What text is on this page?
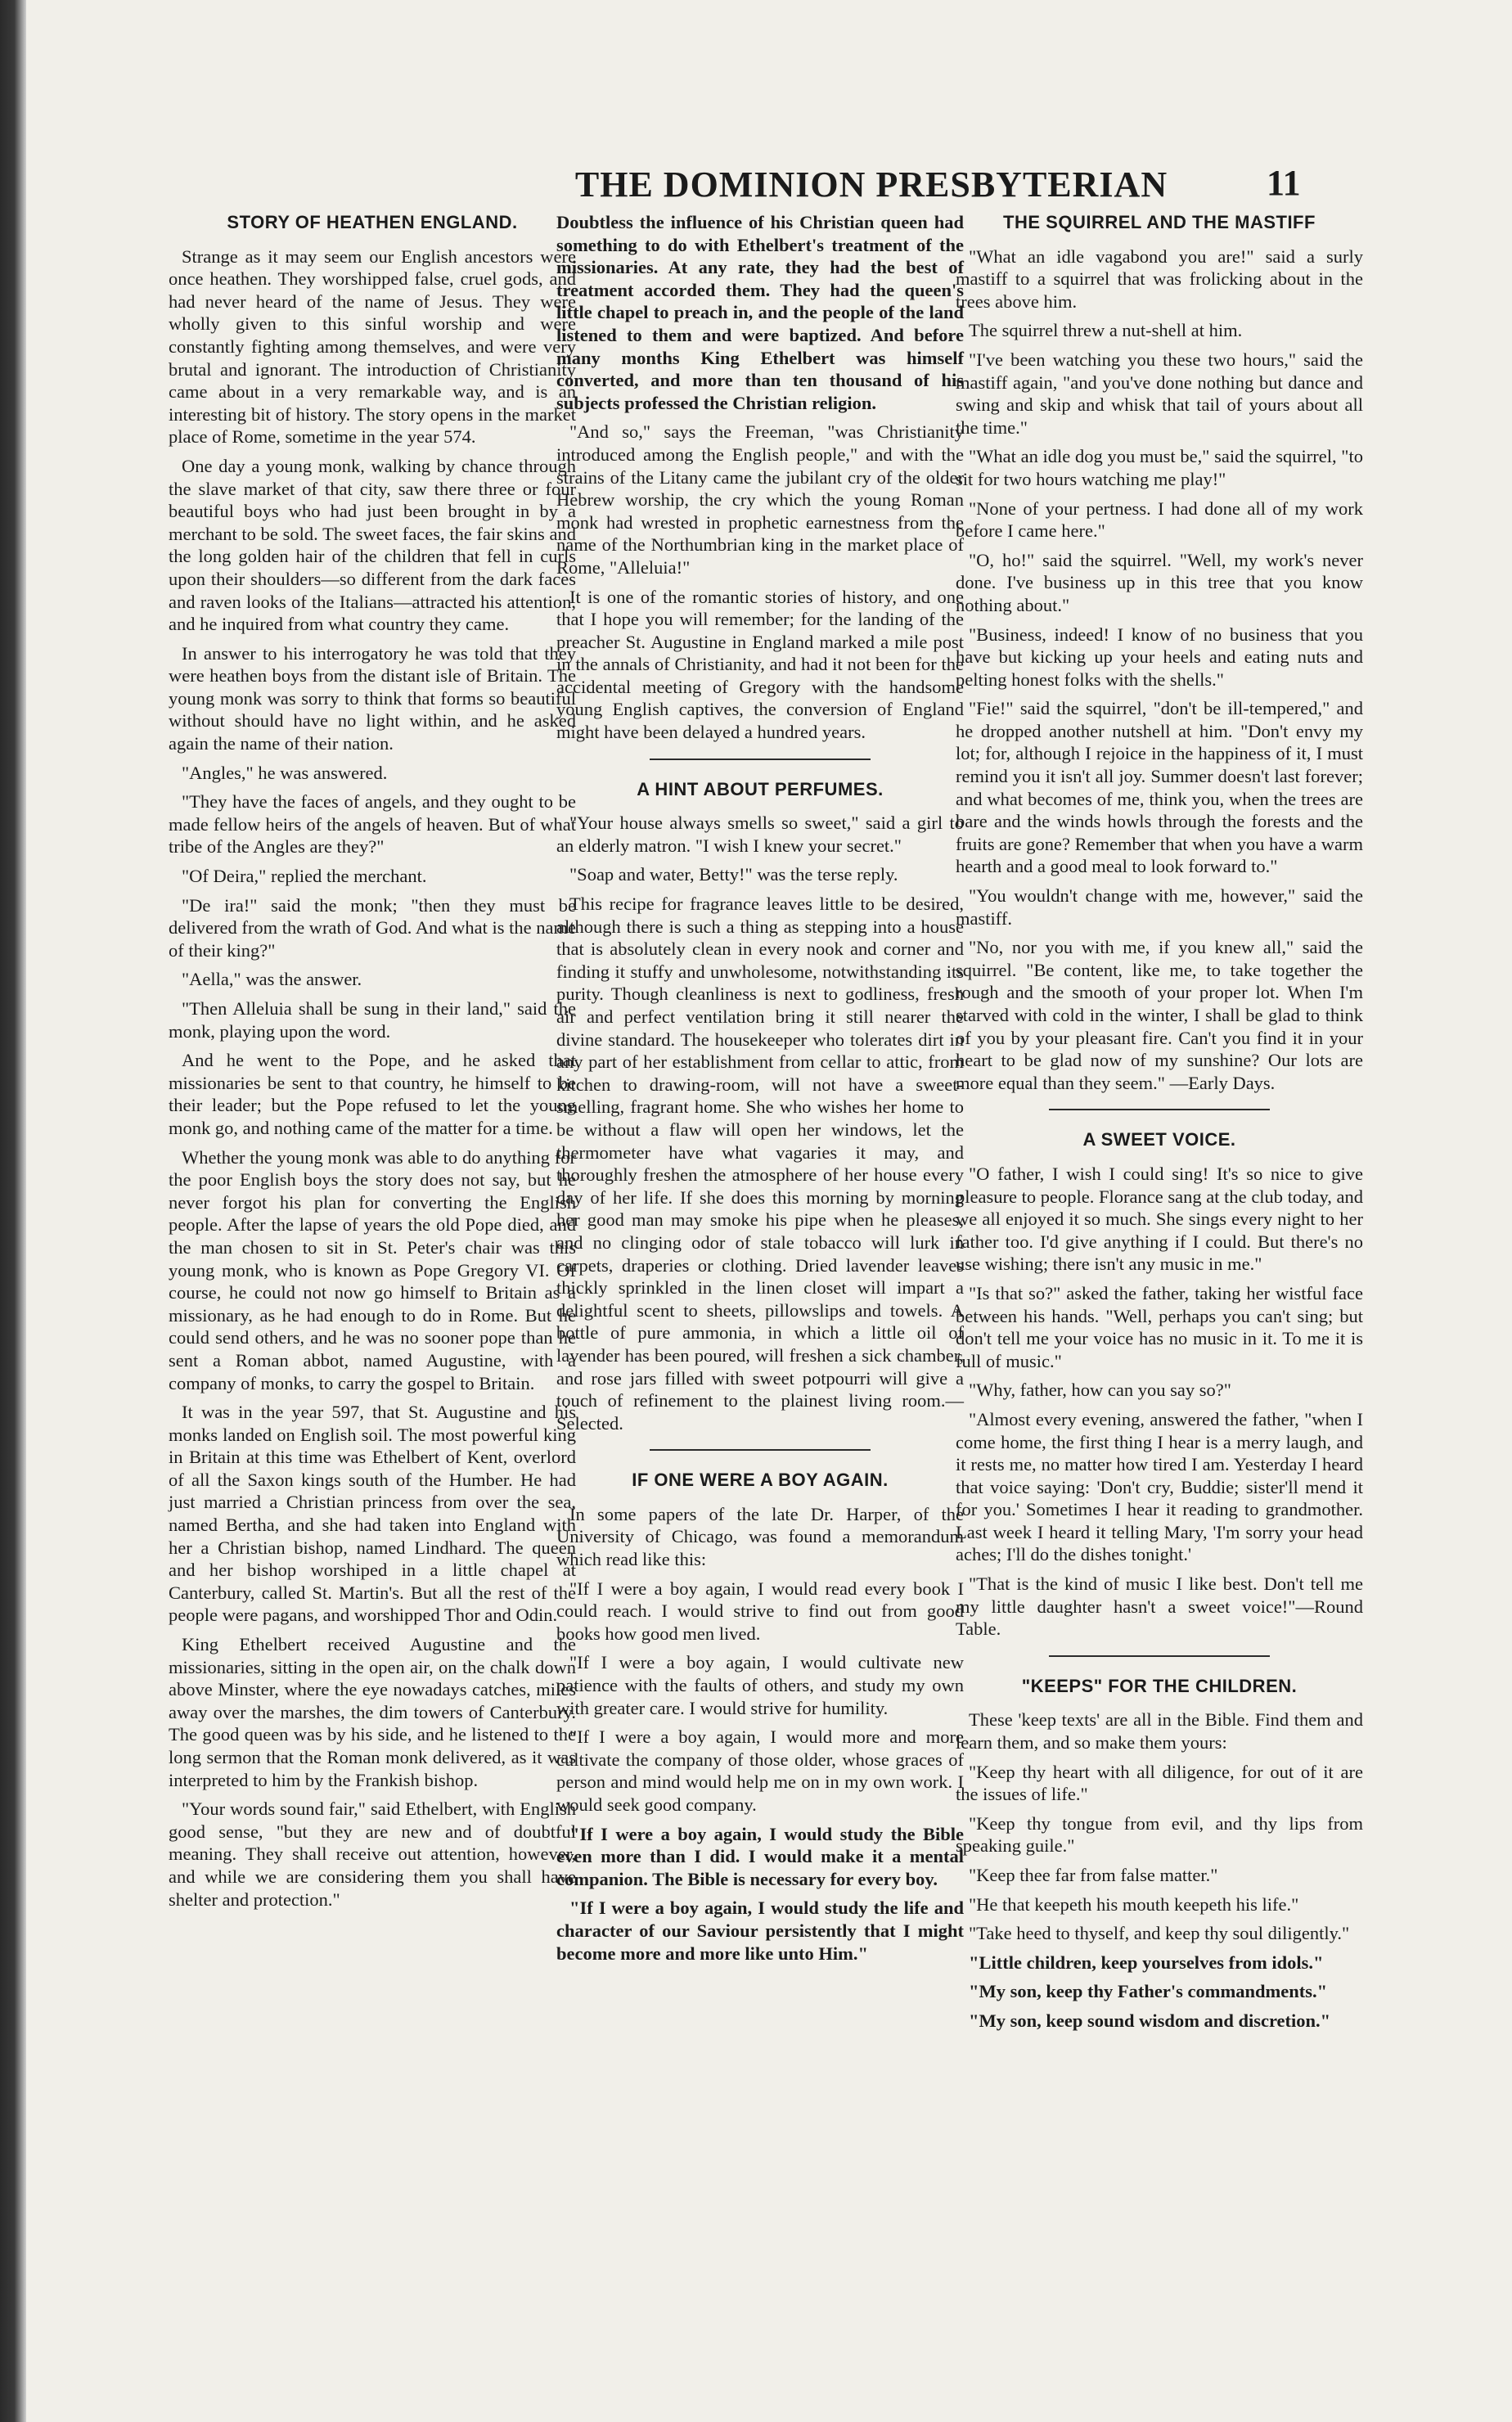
THE DOMINION PRESBYTERIAN	11
STORY OF HEATHEN ENGLAND.

Strange as it may seem our English ancestors were once heathen. They worshipped false, cruel gods, and had never heard of the name of Jesus. They were wholly given to this sinful worship and were constantly fighting among themselves, and were very brutal and ignorant. The introduction of Christianity came about in a very remarkable way, and is an interesting bit of history. The story opens in the market place of Rome, sometime in the year 574.

One day a young monk, walking by chance through the slave market of that city, saw there three or four beautiful boys who had just been brought in by a merchant to be sold. The sweet faces, the fair skins and the long golden hair of the children that fell in curls upon their shoulders—so different from the dark faces and raven looks of the Italians—attracted his attention, and he inquired from what country they came.

In answer to his interrogatory he was told that they were heathen boys from the distant isle of Britain. The young monk was sorry to think that forms so beautiful without should have no light within, and he asked again the name of their nation.

"Angles," he was answered.

"They have the faces of angels, and they ought to be made fellow heirs of the angels of heaven. But of what tribe of the Angles are they?"

"Of Deira," replied the merchant.

"De ira!" said the monk; "then they must be delivered from the wrath of God. And what is the name of their king?"

"Aella," was the answer.

"Then Alleluia shall be sung in their land," said the monk, playing upon the word.

And he went to the Pope, and he asked that missionaries be sent to that country, he himself to be their leader; but the Pope refused to let the young monk go, and nothing came of the matter for a time.

Whether the young monk was able to do anything for the poor English boys the story does not say, but he never forgot his plan for converting the English people. After the lapse of years the old Pope died, and the man chosen to sit in St. Peter's chair was this young monk, who is known as Pope Gregory VI. Of course, he could not now go himself to Britain as a missionary, as he had enough to do in Rome. But he could send others, and he was no sooner pope than he sent a Roman abbot, named Augustine, with a company of monks, to carry the gospel to Britain.

It was in the year 597, that St. Augustine and his monks landed on English soil. The most powerful king in Britain at this time was Ethelbert of Kent, overlord of all the Saxon kings south of the Humber. He had just married a Christian princess from over the sea, named Bertha, and she had taken into England with her a Christian bishop, named Lindhard. The queen and her bishop worshiped in a little chapel at Canterbury, called St. Martin's. But all the rest of the people were pagans, and worshipped Thor and Odin.

King Ethelbert received Augustine and the missionaries, sitting in the open air, on the chalk down above Minster, where the eye nowadays catches, miles away over the marshes, the dim towers of Canterbury. The good queen was by his side, and he listened to the long sermon that the Roman monk delivered, as it was interpreted to him by the Frankish bishop.

"Your words sound fair," said Ethelbert, with English good sense, "but they are new and of doubtful meaning. They shall receive out attention, however, and while we are considering them you shall have shelter and protection."

Doubtless the influence of his Christian queen had something to do with Ethelbert's treatment of the missionaries. At any rate, they had the best of treatment accorded them. They had the queen's little chapel to preach in, and the people of the land listened to them and were baptized. And before many months King Ethelbert was himself converted, and more than ten thousand of his subjects professed the Christian religion.

"And so," says the Freeman, "was Christianity introduced among the English people," and with the strains of the Litany came the jubilant cry of the older Hebrew worship, the cry which the young Roman monk had wrested in prophetic earnestness from the name of the Northumbrian king in the market place of Rome, "Alleluia!"

It is one of the romantic stories of history, and one that I hope you will remember; for the landing of the preacher St. Augustine in England marked a mile post in the annals of Christianity, and had it not been for the accidental meeting of Gregory with the handsome young English captives, the conversion of England might have been delayed a hundred years.

A HINT ABOUT PERFUMES.

"Your house always smells so sweet," said a girl to an elderly matron. "I wish I knew your secret."

"Soap and water, Betty!" was the terse reply.

This recipe for fragrance leaves little to be desired, although there is such a thing as stepping into a house that is absolutely clean in every nook and corner and finding it stuffy and unwholesome, notwithstanding its purity. Though cleanliness is next to godliness, fresh air and perfect ventilation bring it still nearer the divine standard. The housekeeper who tolerates dirt in any part of her establishment from cellar to attic, from kitchen to drawing-room, will not have a sweet-smelling, fragrant home. She who wishes her home to be without a flaw will open her windows, let the thermometer have what vagaries it may, and thoroughly freshen the atmosphere of her house every day of her life. If she does this morning by morning her good man may smoke his pipe when he pleases, and no clinging odor of stale tobacco will lurk in carpets, draperies or clothing. Dried lavender leaves thickly sprinkled in the linen closet will impart a delightful scent to sheets, pillowslips and towels. A bottle of pure ammonia, in which a little oil of lavender has been poured, will freshen a sick chamber, and rose jars filled with sweet potpourri will give a touch of refinement to the plainest living room.—Selected.

IF ONE WERE A BOY AGAIN.

In some papers of the late Dr. Harper, of the University of Chicago, was found a memorandum which read like this:

"If I were a boy again, I would read every book I could reach. I would strive to find out from good books how good men lived.

"If I were a boy again, I would cultivate new patience with the faults of others, and study my own with greater care. I would strive for humility.

"If I were a boy again, I would more and more cultivate the company of those older, whose graces of person and mind would help me on in my own work. I would seek good company.

"If I were a boy again, I would study the Bible even more than I did. I would make it a mental companion. The Bible is necessary for every boy.

"If I were a boy again, I would study the life and character of our Saviour persistently that I might become more and more like unto Him."

THE SQUIRREL AND THE MASTIFF

"What an idle vagabond you are!" said a surly mastiff to a squirrel that was frolicking about in the trees above him.

The squirrel threw a nut-shell at him.

"I've been watching you these two hours," said the mastiff again, "and you've done nothing but dance and swing and skip and whisk that tail of yours about all the time."

"What an idle dog you must be," said the squirrel, "to sit for two hours watching me play!"

"None of your pertness. I had done all of my work before I came here."

"O, ho!" said the squirrel. "Well, my work's never done. I've business up in this tree that you know nothing about."

"Business, indeed! I know of no business that you have but kicking up your heels and eating nuts and pelting honest folks with the shells."

"Fie!" said the squirrel, "don't be ill-tempered," and he dropped another nutshell at him. "Don't envy my lot; for, although I rejoice in the happiness of it, I must remind you it isn't all joy. Summer doesn't last forever; and what becomes of me, think you, when the trees are bare and the winds howls through the forests and the fruits are gone? Remember that when you have a warm hearth and a good meal to look forward to."

"You wouldn't change with me, however," said the mastiff.

"No, nor you with me, if you knew all," said the squirrel. "Be content, like me, to take together the rough and the smooth of your proper lot. When I'm starved with cold in the winter, I shall be glad to think of you by your pleasant fire. Can't you find it in your heart to be glad now of my sunshine? Our lots are more equal than they seem." —Early Days.

A SWEET VOICE.

"O father, I wish I could sing! It's so nice to give pleasure to people. Florance sang at the club today, and we all enjoyed it so much. She sings every night to her father too. I'd give anything if I could. But there's no use wishing; there isn't any music in me."

"Is that so?" asked the father, taking her wistful face between his hands. "Well, perhaps you can't sing; but don't tell me your voice has no music in it. To me it is full of music."

"Why, father, how can you say so?"

"Almost every evening, answered the father, "when I come home, the first thing I hear is a merry laugh, and it rests me, no matter how tired I am. Yesterday I heard that voice saying: 'Don't cry, Buddie; sister'll mend it for you.' Sometimes I hear it reading to grandmother. Last week I heard it telling Mary, 'I'm sorry your head aches; I'll do the dishes tonight.'

"That is the kind of music I like best. Don't tell me my little daughter hasn't a sweet voice!"—Round Table.

"KEEPS" FOR THE CHILDREN.

These 'keep texts' are all in the Bible. Find them and learn them, and so make them yours:

"Keep thy heart with all diligence, for out of it are the issues of life."

"Keep thy tongue from evil, and thy lips from speaking guile."

"Keep thee far from false matter."

"He that keepeth his mouth keepeth his life."

"Take heed to thyself, and keep thy soul diligently."

"Little children, keep yourselves from idols."

"My son, keep thy Father's commandments."

"My son, keep sound wisdom and discretion."
